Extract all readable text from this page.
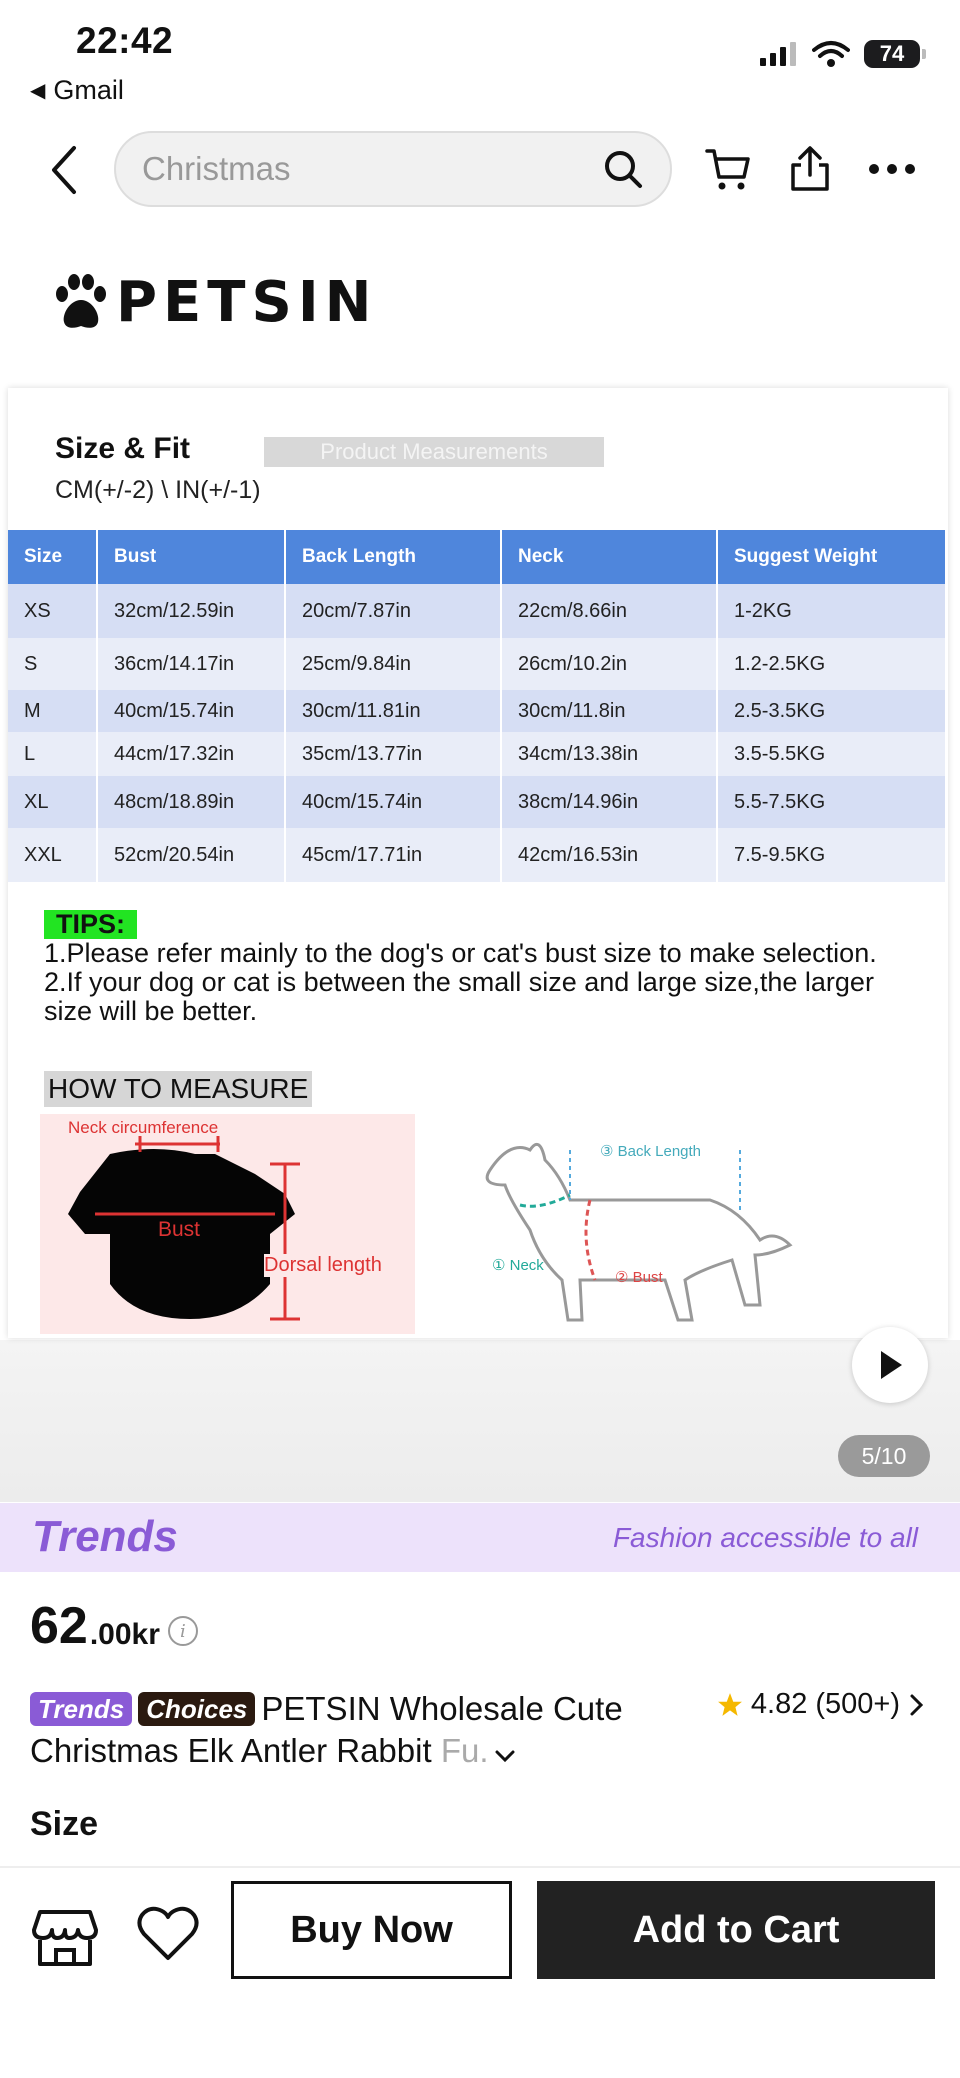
22:42
◀ Gmail
74
Christmas
PETSIN
Size & Fit	Product Measurements
CM(+/-2) \ IN(+/-1)
Size	Bust	Back Length	Neck	Suggest Weight
XS	32cm/12.59in	20cm/7.87in	22cm/8.66in	1-2KG
S	36cm/14.17in	25cm/9.84in	26cm/10.2in	1.2-2.5KG
M	40cm/15.74in	30cm/11.81in	30cm/11.8in	2.5-3.5KG
L	44cm/17.32in	35cm/13.77in	34cm/13.38in	3.5-5.5KG
XL	48cm/18.89in	40cm/15.74in	38cm/14.96in	5.5-7.5KG
XXL	52cm/20.54in	45cm/17.71in	42cm/16.53in	7.5-9.5KG
TIPS:
1.Please refer mainly to the dog's or cat's bust size to make selection.
2.If your dog or cat is between the small size and large size,the larger size will be better.
HOW TO MEASURE
Neck circumference
Bust
Dorsal length
③ Back Length
① Neck
② Bust
5/10
Trends	Fashion accessible to all
62 .00kr	i
Trends Choices PETSIN Wholesale Cute Christmas Elk Antler Rabbit Fu.
4.82 (500+)
Size
Buy Now	Add to Cart
